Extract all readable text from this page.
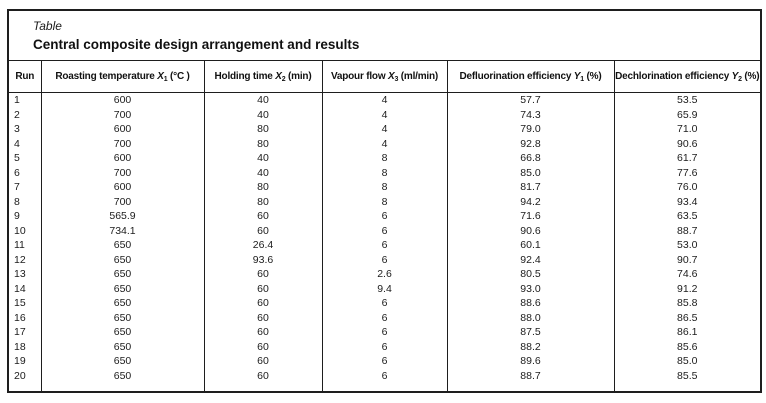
Table
Central composite design arrangement and results
Run	Roasting temperature $X_1$ (°C )	Holding time $X_2$ (min)	Vapour flow $X_3$ (ml/min)	Defluorination efficiency $Y_1$ (%)	Dechlorination efficiency $Y_2$ (%)
1	600	40	4	57.7	53.5
2	700	40	4	74.3	65.9
3	600	80	4	79.0	71.0
4	700	80	4	92.8	90.6
5	600	40	8	66.8	61.7
6	700	40	8	85.0	77.6
7	600	80	8	81.7	76.0
8	700	80	8	94.2	93.4
9	565.9	60	6	71.6	63.5
10	734.1	60	6	90.6	88.7
11	650	26.4	6	60.1	53.0
12	650	93.6	6	92.4	90.7
13	650	60	2.6	80.5	74.6
14	650	60	9.4	93.0	91.2
15	650	60	6	88.6	85.8
16	650	60	6	88.0	86.5
17	650	60	6	87.5	86.1
18	650	60	6	88.2	85.6
19	650	60	6	89.6	85.0
20	650	60	6	88.7	85.5
